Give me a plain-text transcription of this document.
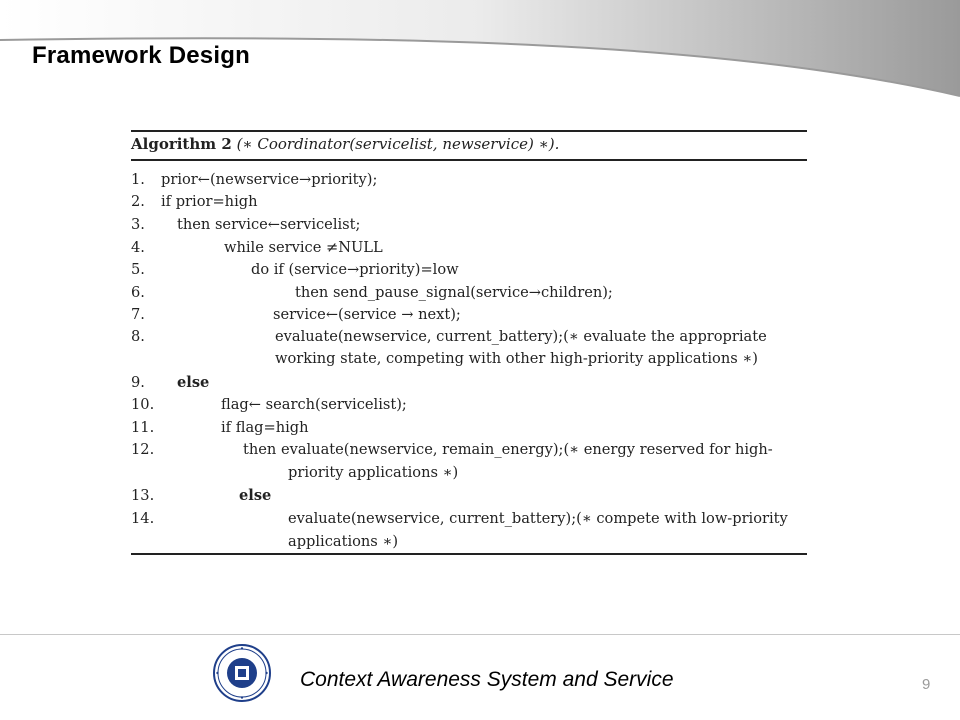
Framework Design
Algorithm 2 (∗ Coordinator(servicelist, newservice) ∗).
1.	prior←(newservice→priority);
2.	if prior=high
3.	then service←servicelist;
4.	while service ≠NULL
5.	do if (service→priority)=low
6.	then send_pause_signal(service→children);
7.	service←(service → next);
8.	evaluate(newservice, current_battery);(∗ evaluate the appropriate
working state, competing with other high-priority applications ∗)
9.	else
10.	flag← search(servicelist);
11.	if flag=high
12.	then evaluate(newservice, remain_energy);(∗ energy reserved for high-
priority applications ∗)
13.	else
14.	evaluate(newservice, current_battery);(∗ compete with low-priority
applications ∗)
Context Awareness System and Service	9
